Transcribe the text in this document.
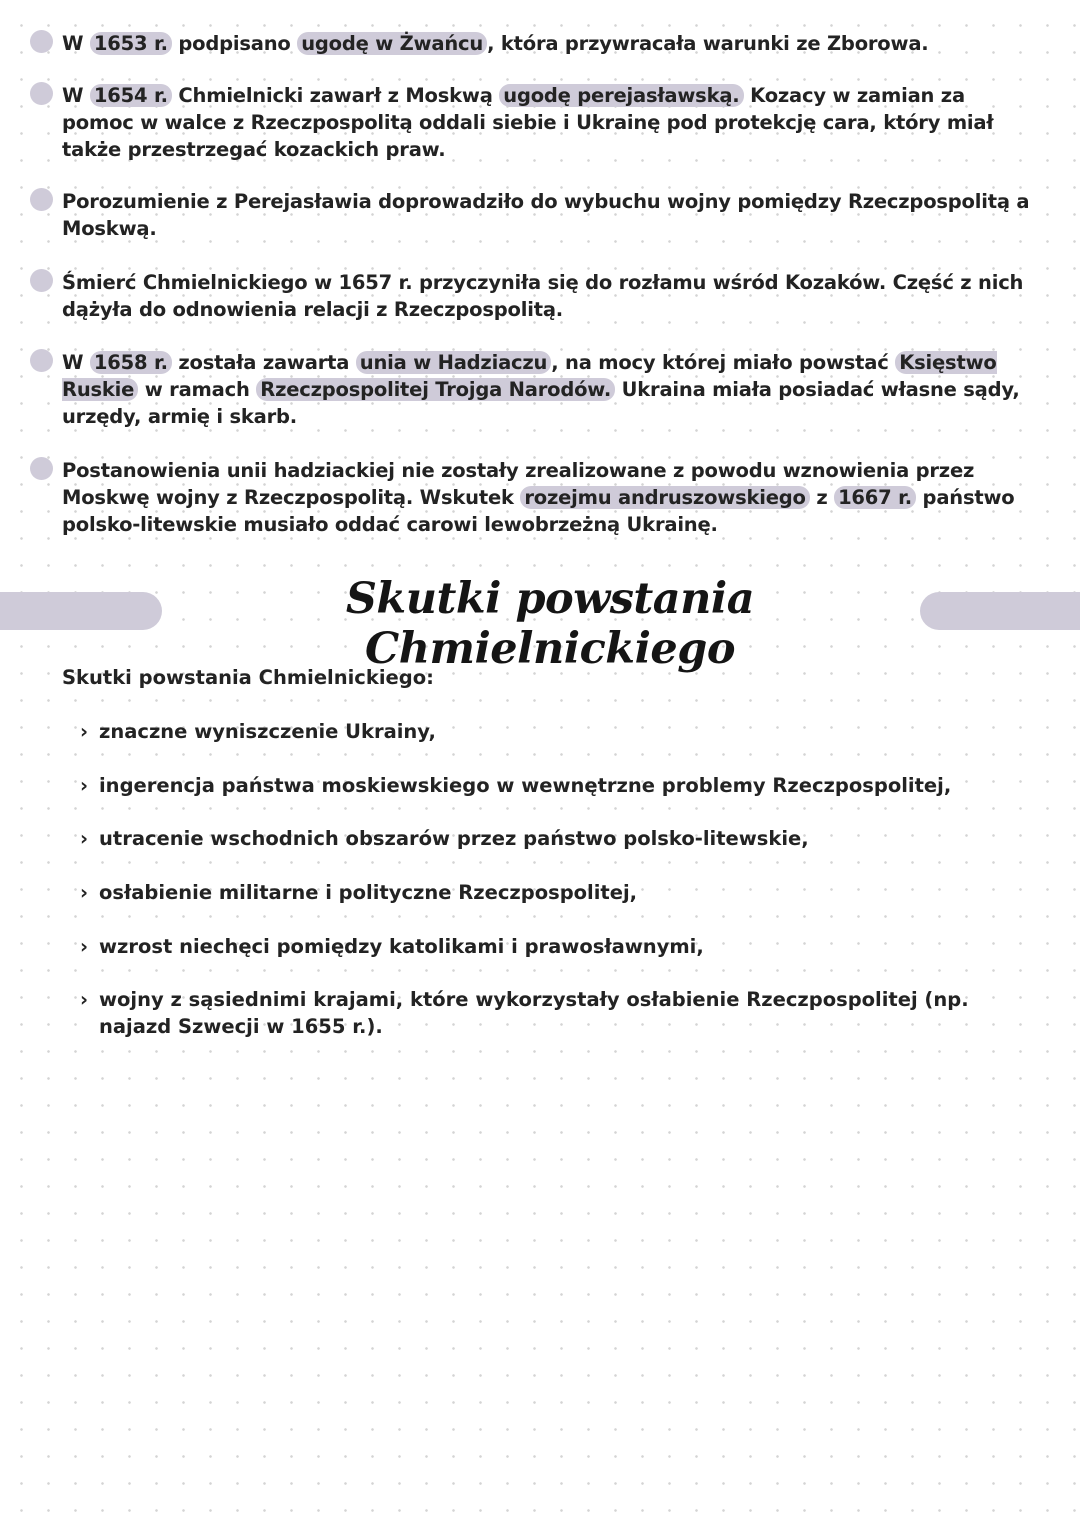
W 1653 r. podpisano ugodę w Żwańcu , która przywracała warunki ze Zborowa.
W 1654 r. Chmielnicki zawarł z Moskwą ugodę perejasławską. Kozacy w zamian za pomoc w walce z Rzeczpospolitą oddali siebie i Ukrainę pod protekcję cara, który miał także przestrzegać kozackich praw.
Porozumienie z Perejasławia doprowadziło do wybuchu wojny pomiędzy Rzeczpospolitą a Moskwą.
Śmierć Chmielnickiego w 1657 r. przyczyniła się do rozłamu wśród Kozaków. Część z nich dążyła do odnowienia relacji z Rzeczpospolitą.
W 1658 r. została zawarta unia w Hadziaczu , na mocy której miało powstać Księstwo Ruskie w ramach Rzeczpospolitej Trojga Narodów. Ukraina miała posiadać własne sądy, urzędy, armię i skarb.
Postanowienia unii hadziackiej nie zostały zrealizowane z powodu wznowienia przez Moskwę wojny z Rzeczpospolitą. Wskutek rozejmu andruszowskiego z 1667 r. państwo polsko-litewskie musiało oddać carowi lewobrzeżną Ukrainę.
Skutki powstania Chmielnickiego
Skutki powstania Chmielnickiego:
› znaczne wyniszczenie Ukrainy,
› ingerencja państwa moskiewskiego w wewnętrzne problemy Rzeczpospolitej,
› utracenie wschodnich obszarów przez państwo polsko-litewskie,
› osłabienie militarne i polityczne Rzeczpospolitej,
› wzrost niechęci pomiędzy katolikami i prawosławnymi,
› wojny z sąsiednimi krajami, które wykorzystały osłabienie Rzeczpospolitej (np. najazd Szwecji w 1655 r.).
